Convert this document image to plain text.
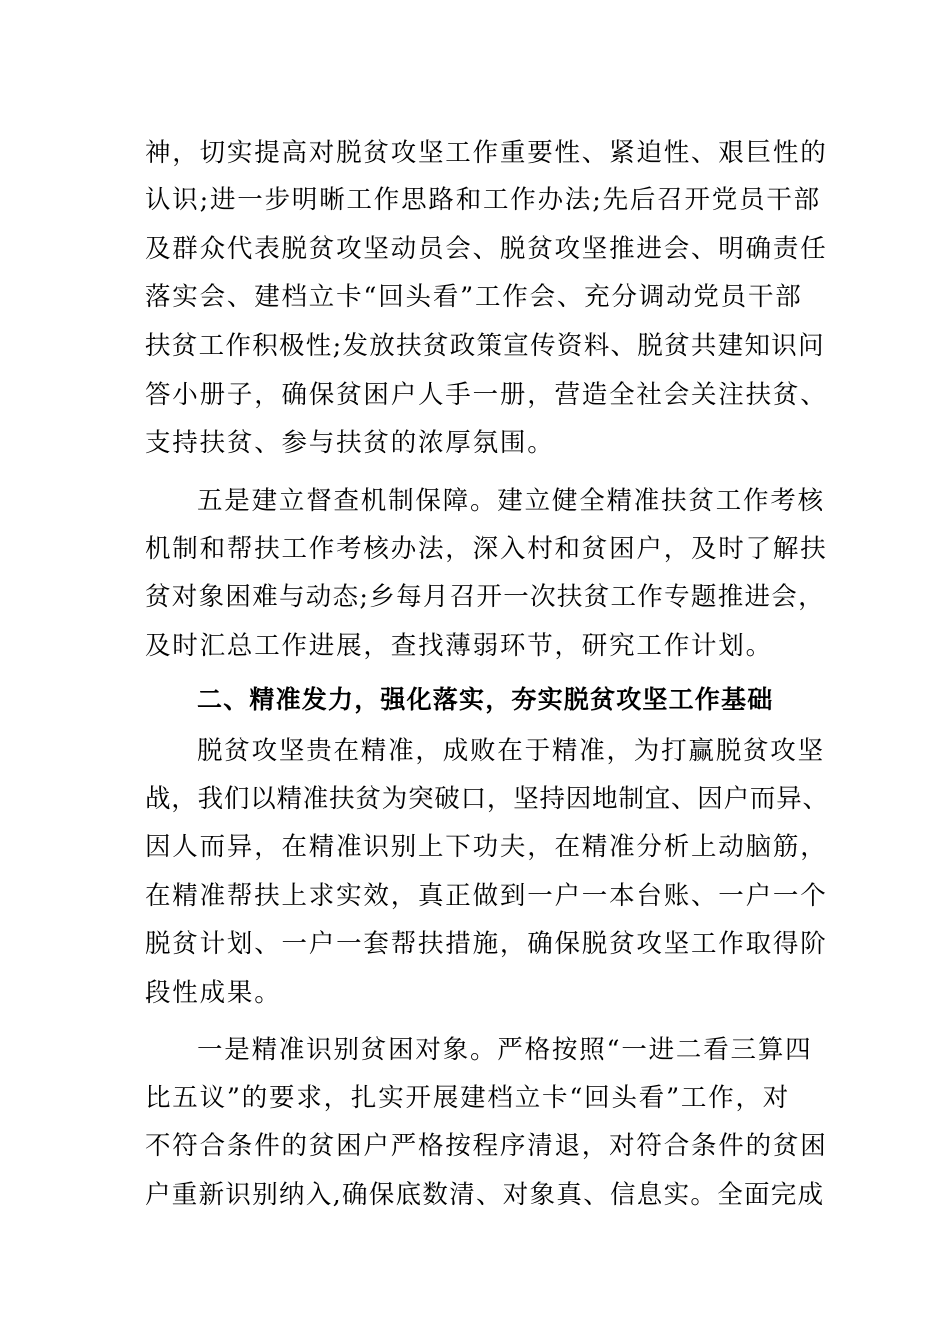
神，切实提高对脱贫攻坚工作重要性、紧迫性、艰巨性的
认识;进一步明晰工作思路和工作办法;先后召开党员干部
及群众代表脱贫攻坚动员会、脱贫攻坚推进会、明确责任
落实会、建档立卡“回头看”工作会、充分调动党员干部
扶贫工作积极性;发放扶贫政策宣传资料、脱贫共建知识问
答小册子，确保贫困户人手一册，营造全社会关注扶贫、
支持扶贫、参与扶贫的浓厚氛围。
五是建立督查机制保障。建立健全精准扶贫工作考核
机制和帮扶工作考核办法，深入村和贫困户，及时了解扶
贫对象困难与动态;乡每月召开一次扶贫工作专题推进会，
及时汇总工作进展，查找薄弱环节，研究工作计划。
二、精准发力，强化落实，夯实脱贫攻坚工作基础
脱贫攻坚贵在精准，成败在于精准，为打赢脱贫攻坚
战，我们以精准扶贫为突破口，坚持因地制宜、因户而异、
因人而异，在精准识别上下功夫，在精准分析上动脑筋，
在精准帮扶上求实效，真正做到一户一本台账、一户一个
脱贫计划、一户一套帮扶措施，确保脱贫攻坚工作取得阶
段性成果。
一是精准识别贫困对象。严格按照“一进二看三算四
比五议”的要求，扎实开展建档立卡“回头看”工作，对
不符合条件的贫困户严格按程序清退，对符合条件的贫困
户重新识别纳入,确保底数清、对象真、信息实。全面完成
